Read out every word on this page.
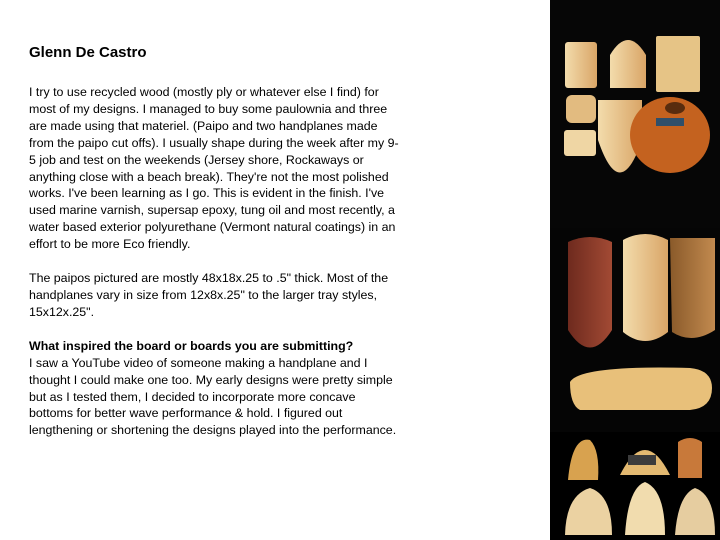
Glenn De Castro

I try to use recycled wood (mostly ply or whatever else I find) for most of my designs. I managed to buy some paulownia and three are made using that materiel. (Paipo and two handplanes made from the paipo cut offs). I usually shape during the week after my 9-5 job and test on the weekends (Jersey shore, Rockaways or anything close with a beach break). They're not the most polished works. I've been learning as I go. This is evident in the finish. I've used marine varnish, supersap epoxy, tung oil and most recently, a water based exterior polyurethane (Vermont natural coatings) in an effort to be more Eco friendly.

The paipos pictured are mostly 48x18x.25 to .5" thick. Most of the handplanes vary in size from 12x8x.25" to the larger tray styles, 15x12x.25".

What inspired the board or boards you are submitting?
I saw a YouTube video of someone making a handplane and I thought I could make one too. My early designs were pretty simple but as I tested them, I decided to incorporate more concave bottoms for better wave performance & hold. I figured out lengthening or shortening the designs played into the performance.
